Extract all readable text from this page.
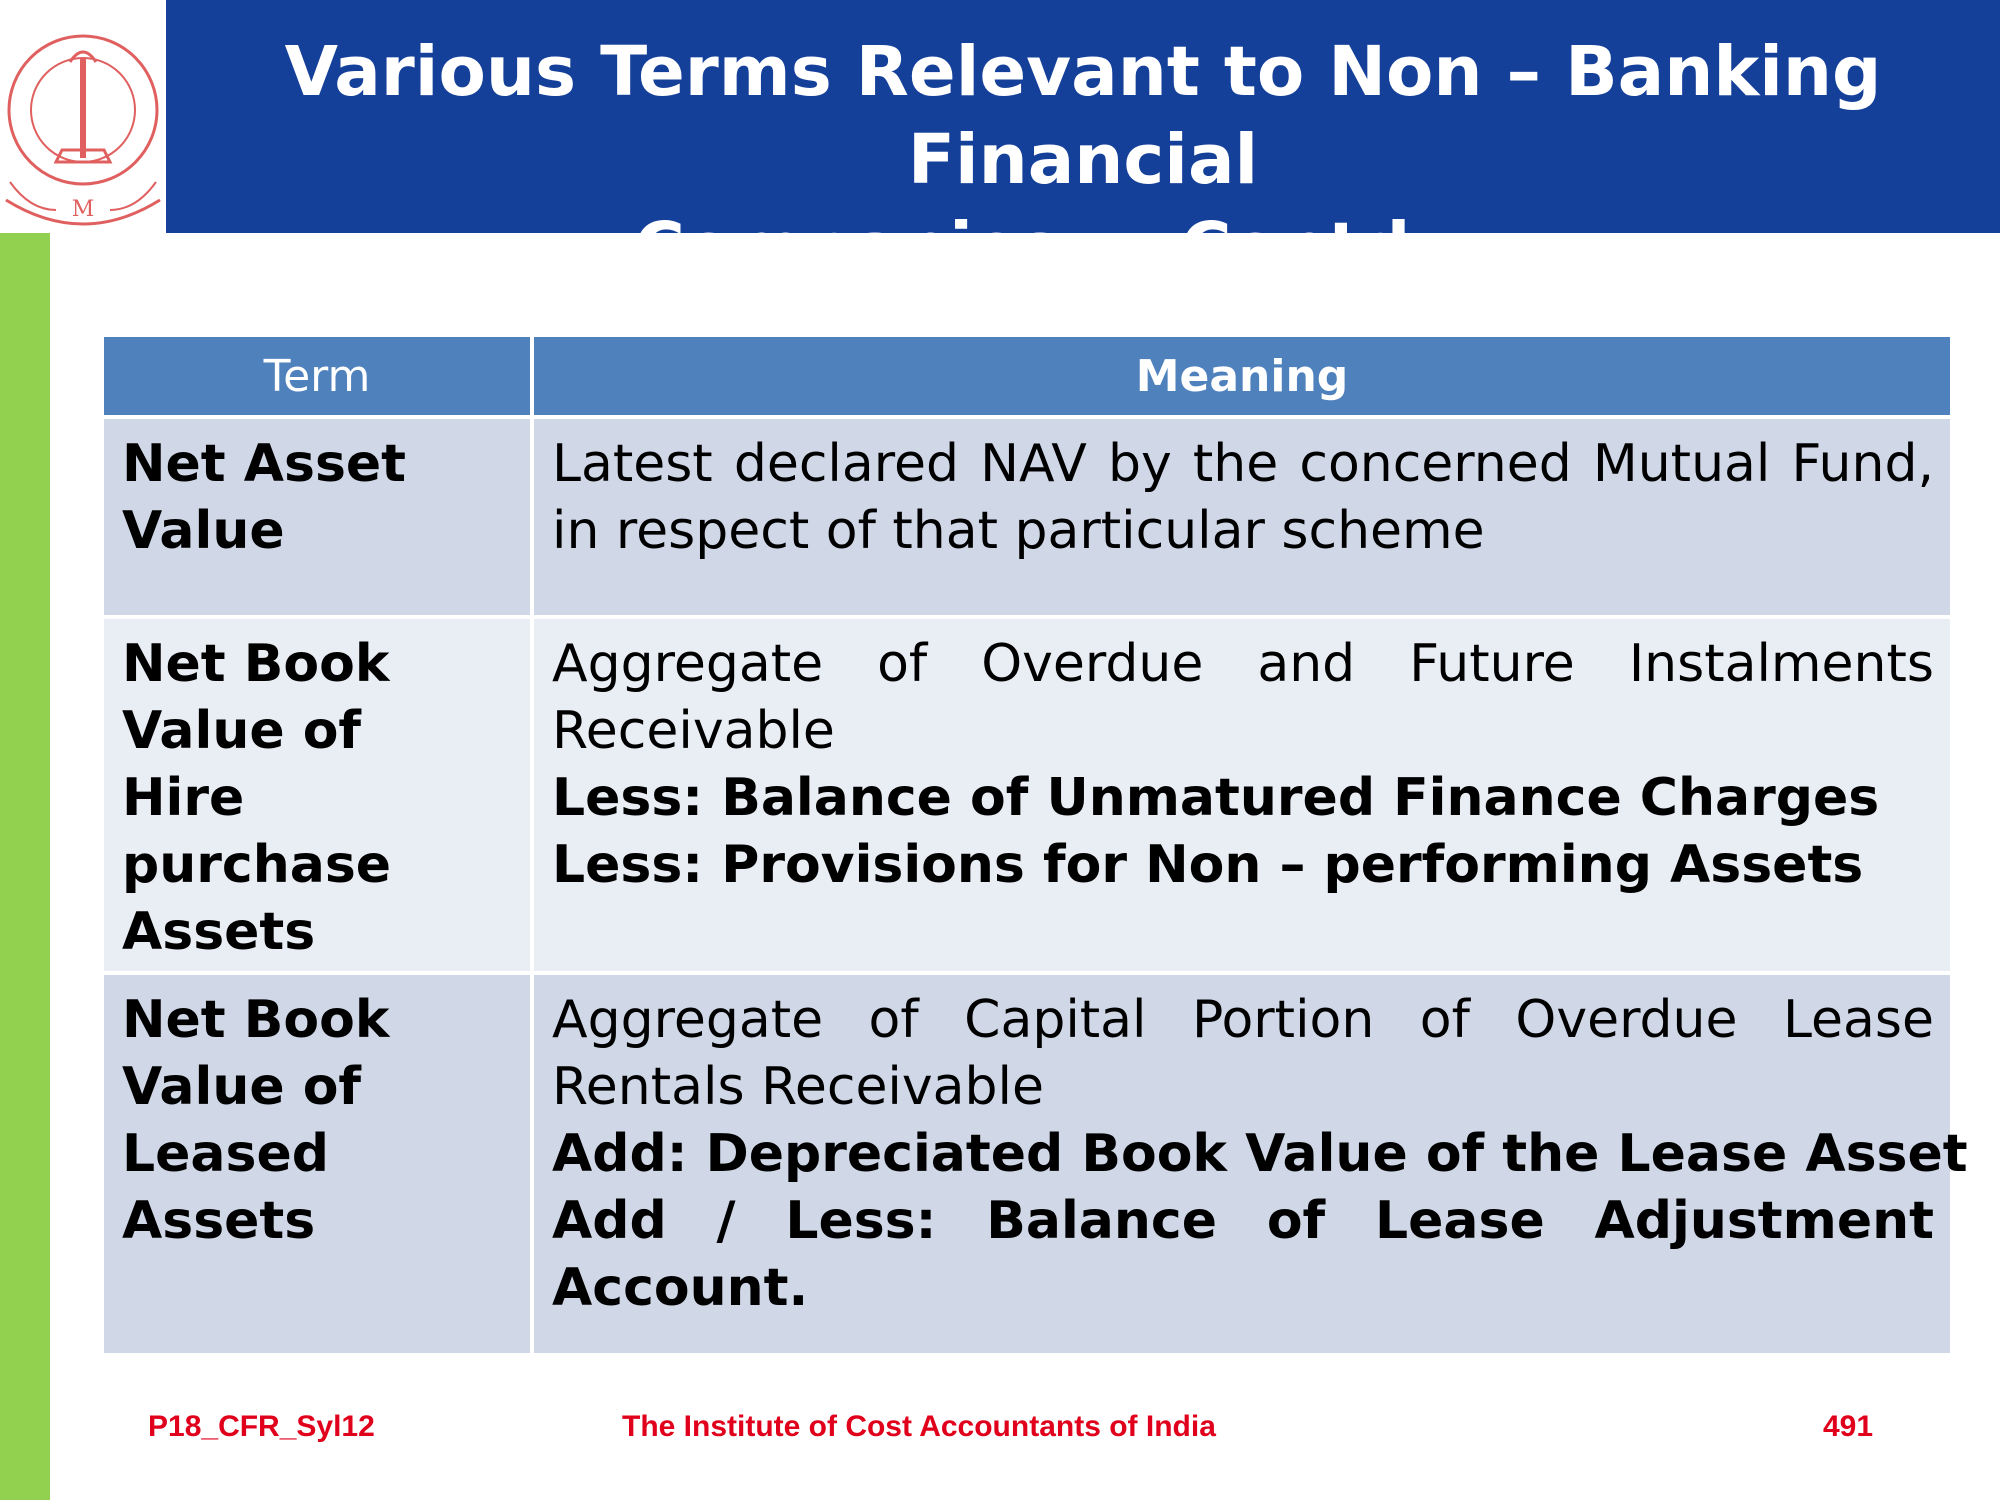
M
Various Terms Relevant to Non – Banking Financial
Companies     Contd…..
Term	Meaning
Net Asset Value	Latest declared NAV by the concerned Mutual Fund, in respect of that particular scheme

Net Book Value of Hire purchase Assets	Aggregate of Overdue and Future Instalments Receivable
Less: Balance of Unmatured Finance Charges
Less: Provisions for Non – performing Assets

Net Book Value of Leased Assets	Aggregate of Capital Portion of Overdue Lease Rentals Receivable
Add: Depreciated Book Value of the Lease Asset
Add / Less: Balance of Lease Adjustment Account.
P18_CFR_Syl12	The Institute of Cost Accountants of India	491
